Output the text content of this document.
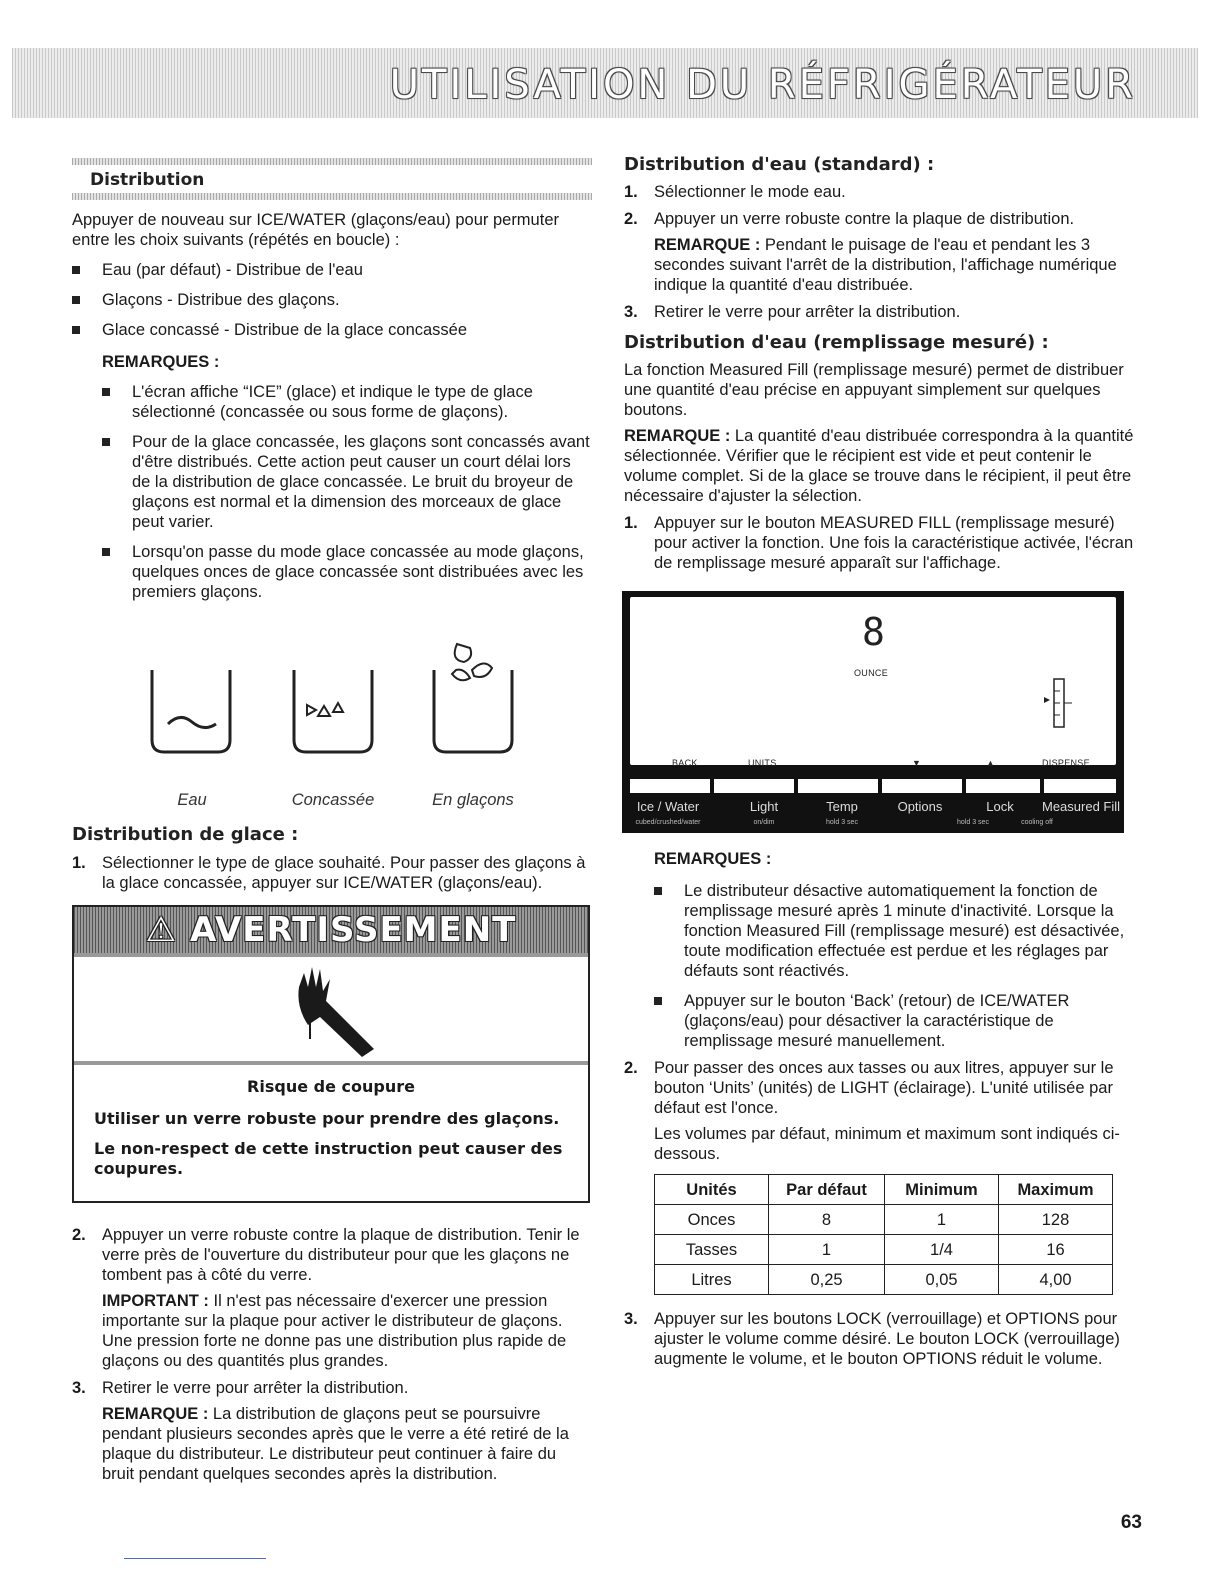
UTILISATION DU RÉFRIGÉRATEUR
Distribution

Appuyer de nouveau sur ICE/WATER (glaçons/eau) pour permuter entre les choix suivants (répétés en boucle) :

Eau (par défaut) - Distribue de l'eau
Glaçons - Distribue des glaçons.
Glace concassé - Distribue de la glace concassée
REMARQUES :
L'écran affiche “ICE” (glace) et indique le type de glace sélectionné (concassée ou sous forme de glaçons).
Pour de la glace concassée, les glaçons sont concassés avant d'être distribués. Cette action peut causer un court délai lors de la distribution de glace concassée. Le bruit du broyeur de glaçons est normal et la dimension des morceaux de glace peut varier.
Lorsqu'on passe du mode glace concassée au mode glaçons, quelques onces de glace concassée sont distribuées avec les premiers glaçons.
Eau	Concassée	En glaçons
Distribution de glace :
1. Sélectionner le type de glace souhaité. Pour passer des glaçons à la glace concassée, appuyer sur ICE/WATER (glaçons/eau).
⚠ AVERTISSEMENT
Risque de coupure
Utiliser un verre robuste pour prendre des glaçons.
Le non-respect de cette instruction peut causer des coupures.
2. Appuyer un verre robuste contre la plaque de distribution. Tenir le verre près de l'ouverture du distributeur pour que les glaçons ne tombent pas à côté du verre.
IMPORTANT : Il n'est pas nécessaire d'exercer une pression importante sur la plaque pour activer le distributeur de glaçons. Une pression forte ne donne pas une distribution plus rapide de glaçons ou des quantités plus grandes.
3. Retirer le verre pour arrêter la distribution.
REMARQUE : La distribution de glaçons peut se poursuivre pendant plusieurs secondes après que le verre a été retiré de la plaque du distributeur. Le distributeur peut continuer à faire du bruit pendant quelques secondes après la distribution.
Distribution d'eau (standard) :
1. Sélectionner le mode eau.
2. Appuyer un verre robuste contre la plaque de distribution.
REMARQUE : Pendant le puisage de l'eau et pendant les 3 secondes suivant l'arrêt de la distribution, l'affichage numérique indique la quantité d'eau distribuée.
3. Retirer le verre pour arrêter la distribution.
Distribution d'eau (remplissage mesuré) :

La fonction Measured Fill (remplissage mesuré) permet de distribuer une quantité d'eau précise en appuyant simplement sur quelques boutons.

REMARQUE : La quantité d'eau distribuée correspondra à la quantité sélectionnée. Vérifier que le récipient est vide et peut contenir le volume complet. Si de la glace se trouve dans le récipient, il peut être nécessaire d'ajuster la sélection.

1. Appuyer sur le bouton MEASURED FILL (remplissage mesuré) pour activer la fonction. Une fois la caractéristique activée, l'écran de remplissage mesuré apparaît sur l'affichage.
8
OUNCE
BACK	UNITS	▼	▲	DISPENSE
Ice / Water
cubed/crushed/water
Light
on/dim
Temp
hold 3 sec
Options	Lock
hold 3 sec
Measured Fill
cooling off
REMARQUES :
Le distributeur désactive automatiquement la fonction de remplissage mesuré après 1 minute d'inactivité. Lorsque la fonction Measured Fill (remplissage mesuré) est désactivée, toute modification effectuée est perdue et les réglages par défauts sont réactivés.
Appuyer sur le bouton ‘Back’ (retour) de ICE/WATER (glaçons/eau) pour désactiver la caractéristique de remplissage mesuré manuellement.
2. Pour passer des onces aux tasses ou aux litres, appuyer sur le bouton ‘Units’ (unités) de LIGHT (éclairage). L'unité utilisée par défaut est l'once.
Les volumes par défaut, minimum et maximum sont indiqués ci-dessous.
Unités	Par défaut	Minimum	Maximum
Onces	8	1	128
Tasses	1	1/4	16
Litres	0,25	0,05	4,00
3. Appuyer sur les boutons LOCK (verrouillage) et OPTIONS pour ajuster le volume comme désiré. Le bouton LOCK (verrouillage) augmente le volume, et le bouton OPTIONS réduit le volume.
63
